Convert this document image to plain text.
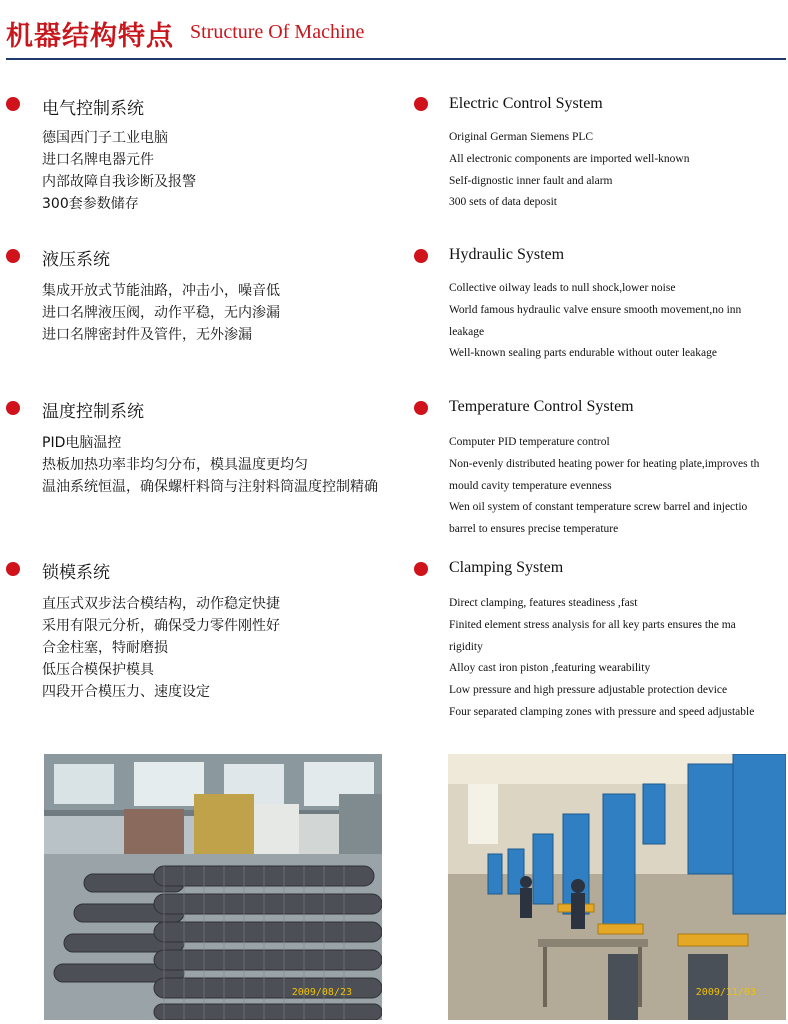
机器结构特点 Structure Of Machine
电气控制系统
德国西门子工业电脑
进口名牌电器元件
内部故障自我诊断及报警
300套参数储存
Electric Control System
Original German Siemens PLC
All electronic components are imported well-known
Self-dignostic inner fault and alarm
300 sets of data deposit
液压系统
集成开放式节能油路，冲击小，噪音低
进口名牌液压阀，动作平稳，无内渗漏
进口名牌密封件及管件，无外渗漏
Hydraulic System
Collective oilway leads to null shock,lower noise
World famous hydraulic valve ensure smooth movement,no inn
leakage
Well-known sealing parts endurable without outer leakage
温度控制系统
PID电脑温控
热板加热功率非均匀分布，模具温度更均匀
温油系统恒温，确保螺杆料筒与注射料筒温度控制精确
Temperature Control System
Computer PID temperature control
Non-evenly distributed heating power for heating plate,improves th
mould cavity temperature evenness
Wen oil system of constant temperature screw barrel and injectio
barrel to ensures precise temperature
锁模系统
直压式双步法合模结构，动作稳定快捷
采用有限元分析，确保受力零件刚性好
合金柱塞，特耐磨损
低压合模保护模具
四段开合模压力、速度设定
Clamping System
Direct clamping, features steadiness ,fast
Finited element stress analysis for all key parts ensures the ma
rigidity
Alloy cast iron piston ,featuring wearability
Low pressure and high pressure adjustable protection device
Four separated clamping zones with pressure and speed adjustable
2009/08/23	2009/11/03
